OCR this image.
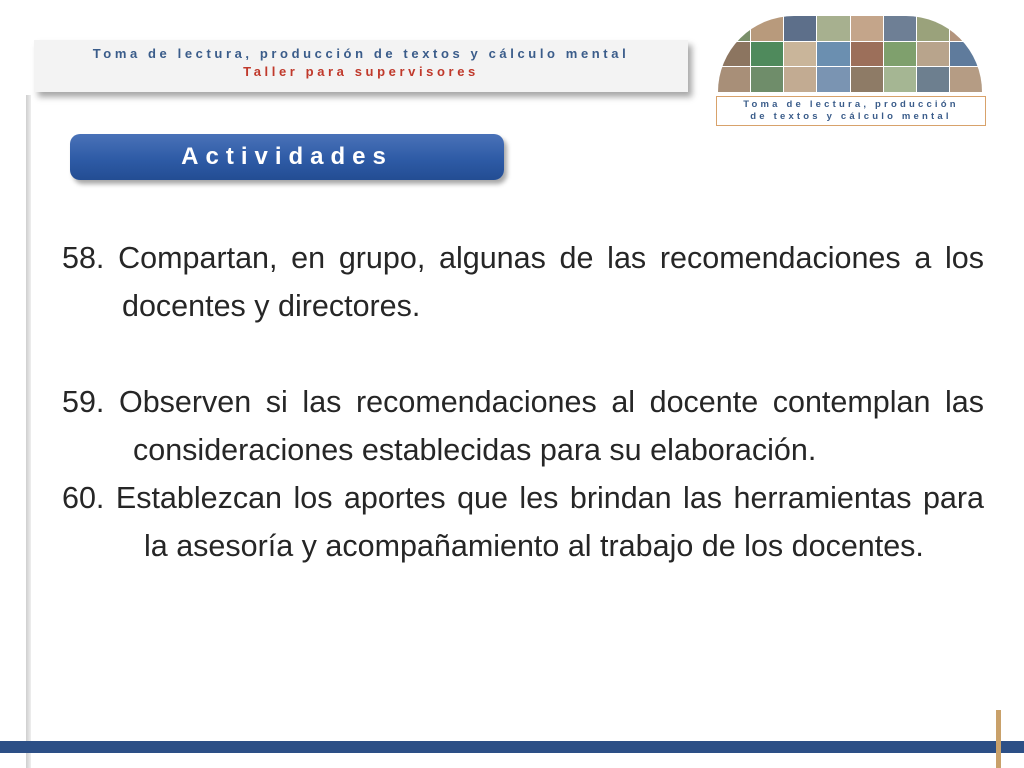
Toma de lectura, producción de textos y cálculo mental
Taller para supervisores
Toma de lectura, producción
de textos y cálculo mental
Actividades

58. Compartan, en grupo, algunas de las recomendaciones a los docentes y directores.

59. Observen si las recomendaciones al docente contemplan las consideraciones establecidas para su elaboración.

60. Establezcan los aportes que les brindan las herramientas para la asesoría y acompañamiento al trabajo de los docentes.
